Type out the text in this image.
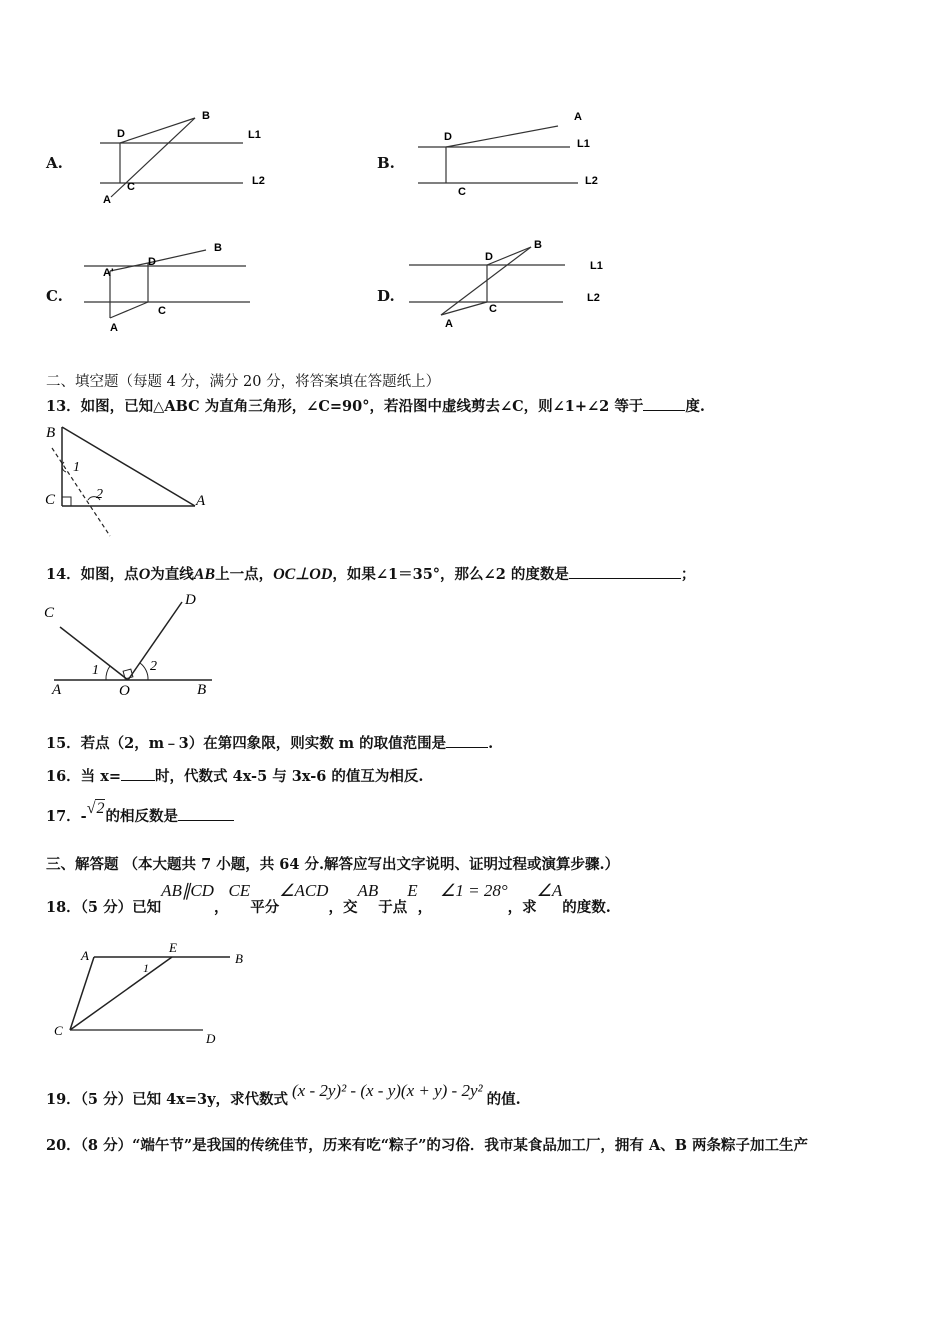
A.
B
D
C
A
L1
L2
B.
A
D
C
L1
L2
C.
B
A'
D
C
A
D.
B
D
A
C
L1
L2
二、填空题（每题 4 分，满分 20 分，将答案填在答题纸上）
13．如图，已知△ABC 为直角三角形，∠C=90°，若沿图中虚线剪去∠C，则∠1+∠2 等于	度.
B
C	A
1
2
14．如图，点O为直线AB上一点，OC⊥OD，如果∠1＝35°，那么∠2 的度数是	；
C
D
A	O	B
1	2
15．若点（2，m﹣3）在第四象限，则实数 m 的取值范围是	.
16．当 x= 时，代数式 4x-5 与 3x-6 的值互为相反.
17．-√2的相反数是
三、解答题 （本大题共 7 小题，共 64 分.解答应写出文字说明、证明过程或演算步骤.）
18．（5 分）已知AB∥CD，CE平分∠ACD，交AB于点E，∠1 = 28°，求∠A的度数.
A
E
B
C
D
1
19．（5 分）已知 4x=3y，求代数式 (x - 2y)² - (x - y)(x + y) - 2y² 的值.
20．（8 分）“端午节”是我国的传统佳节，历来有吃“粽子”的习俗．我市某食品加工厂，拥有 A、B 两条粽子加工生产
